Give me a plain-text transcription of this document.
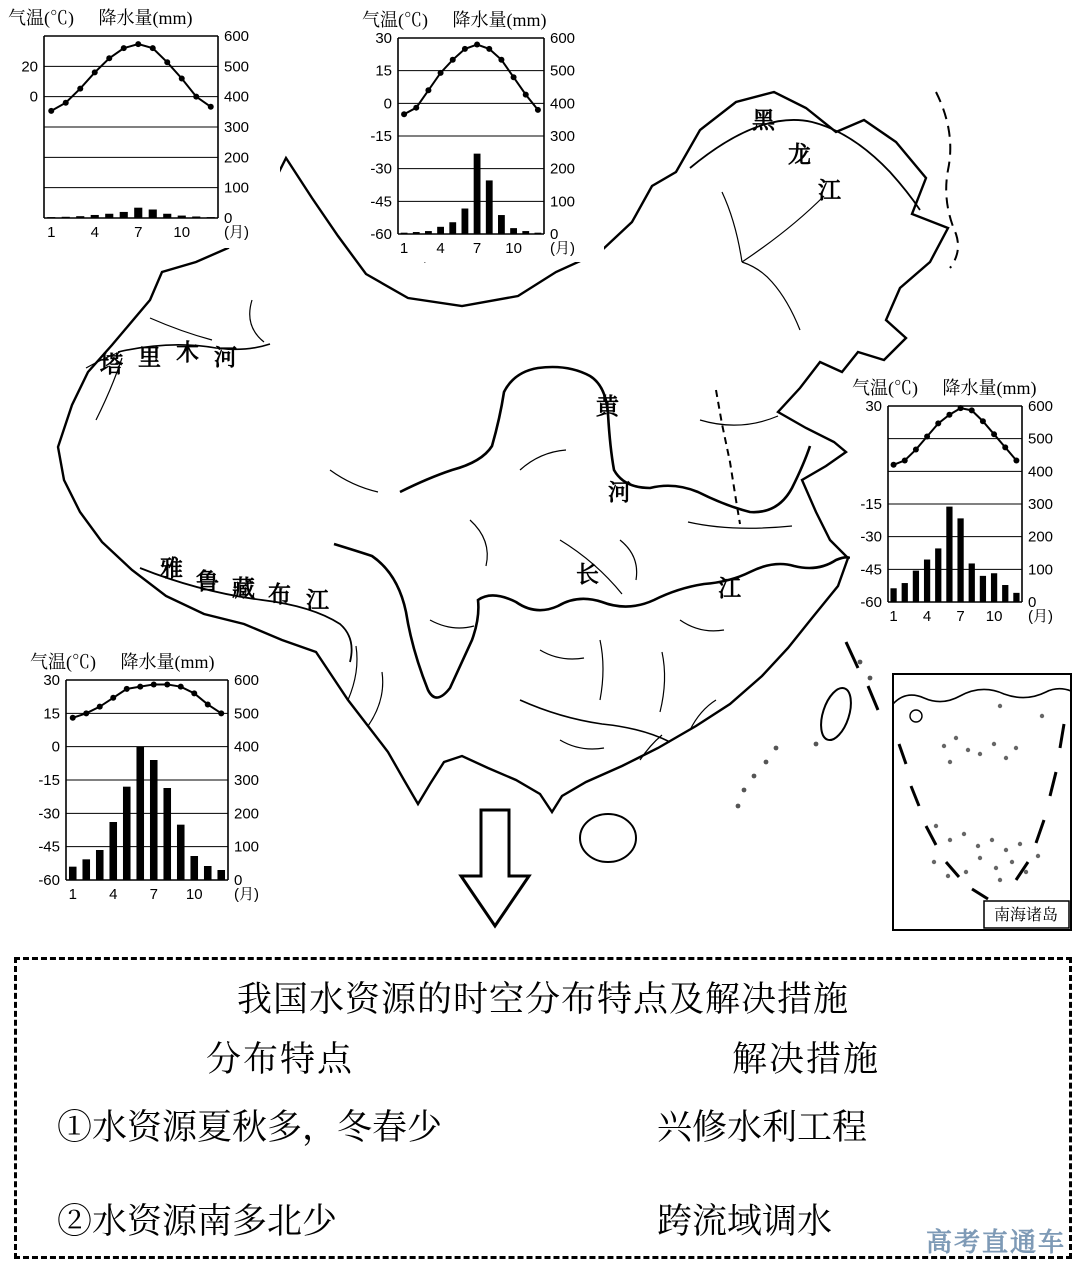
塔 里 木 河
黑
龙
江
黄
河
长
江
雅
鲁 藏 布 江
南海诸岛
气温(℃) 降水量(mm)
600
500
20
400
0
300
200
100
0
1 4 7 10 (月)
气温(℃) 降水量(mm)
600
30
500
15
400
0
300
-15
200
-30
100
-45
0
-60
1 4 7 10 (月)
气温(℃) 降水量(mm)
600
30
500
400
300
-15
200
-30
100
-45
0
-60
1 4 7 10 (月)
气温(℃) 降水量(mm)
600
30
500
15
400
0
300
-15
200
-30
100
-45
0
-60
1 4 7 10 (月)
我国水资源的时空分布特点及解决措施
分布特点	解决措施
①水资源夏秋多，冬春少	兴修水利工程
②水资源南多北少	跨流域调水
高考直通车
